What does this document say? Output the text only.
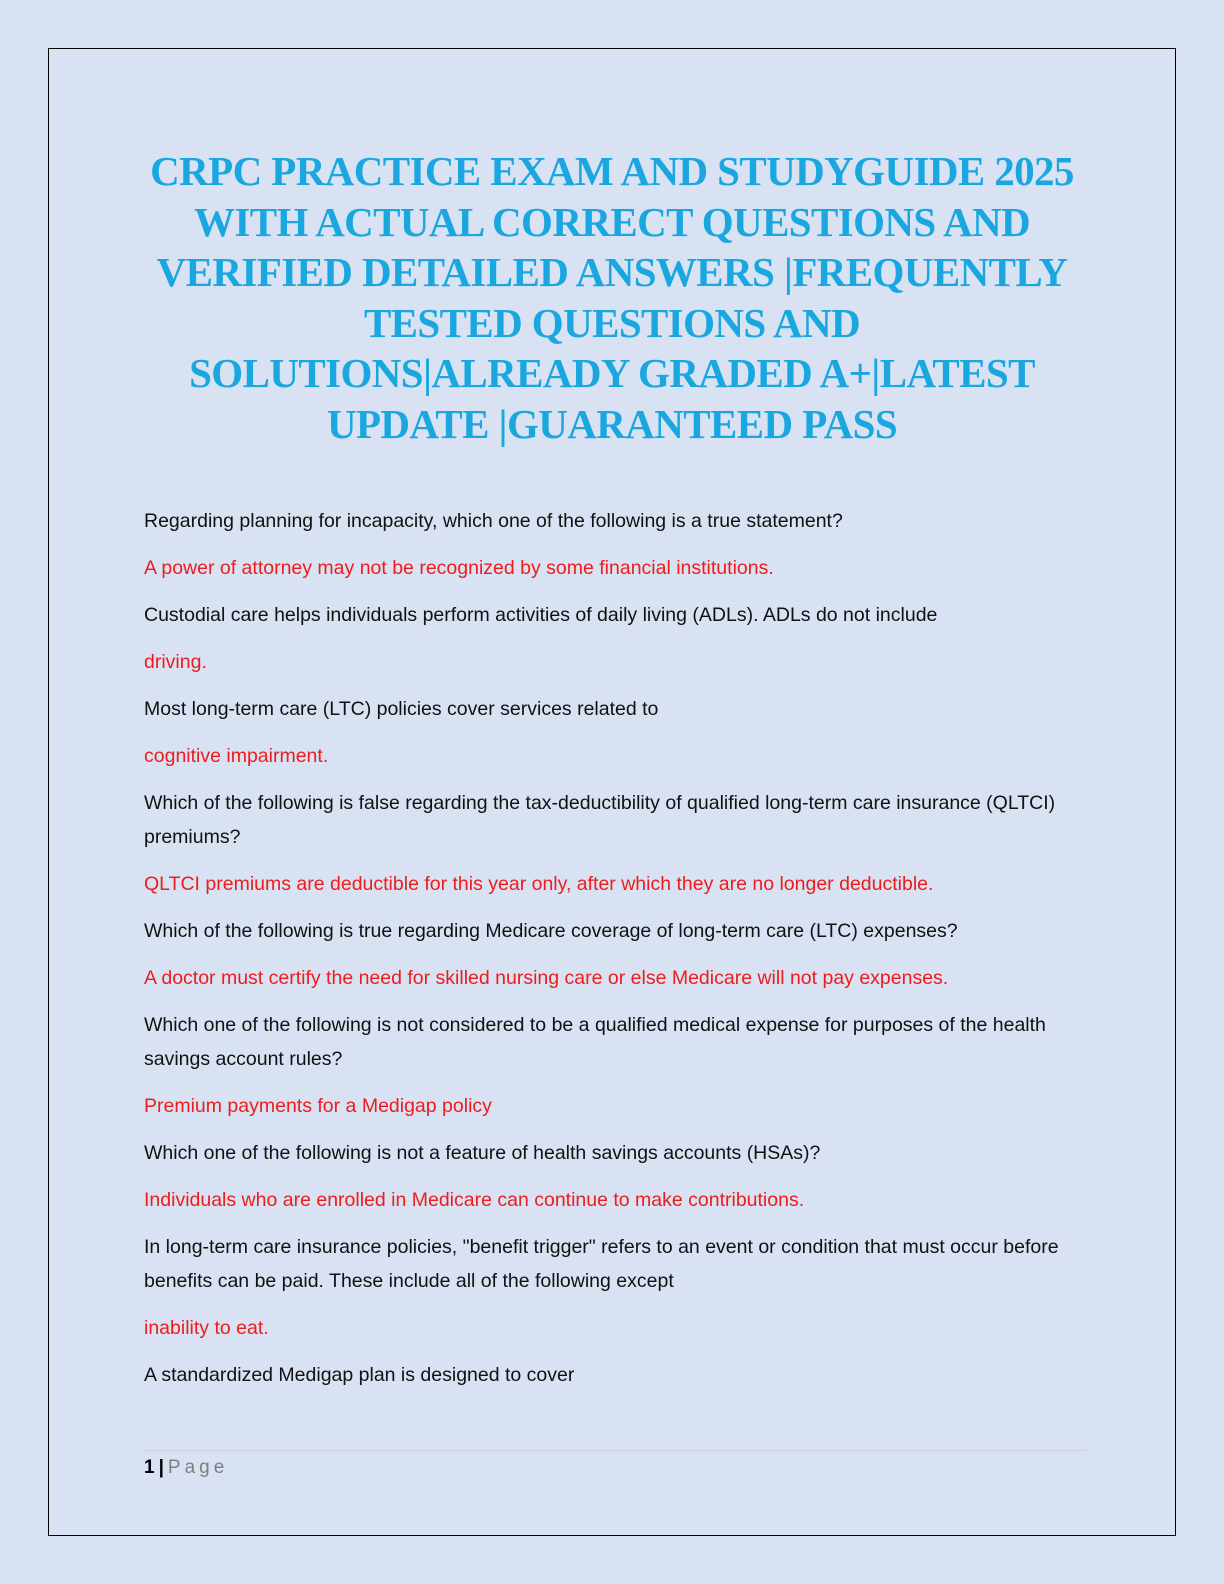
CRPC PRACTICE EXAM AND STUDYGUIDE 2025 WITH ACTUAL CORRECT QUESTIONS AND VERIFIED DETAILED ANSWERS |FREQUENTLY TESTED QUESTIONS AND SOLUTIONS|ALREADY GRADED A+|LATEST UPDATE |GUARANTEED PASS

Regarding planning for incapacity, which one of the following is a true statement?

A power of attorney may not be recognized by some financial institutions.

Custodial care helps individuals perform activities of daily living (ADLs). ADLs do not include

driving.

Most long-term care (LTC) policies cover services related to

cognitive impairment.

Which of the following is false regarding the tax-deductibility of qualified long-term care insurance (QLTCI) premiums?

QLTCI premiums are deductible for this year only, after which they are no longer deductible.

Which of the following is true regarding Medicare coverage of long-term care (LTC) expenses?

A doctor must certify the need for skilled nursing care or else Medicare will not pay expenses.

Which one of the following is not considered to be a qualified medical expense for purposes of the health savings account rules?

Premium payments for a Medigap policy

Which one of the following is not a feature of health savings accounts (HSAs)?

Individuals who are enrolled in Medicare can continue to make contributions.

In long-term care insurance policies, "benefit trigger" refers to an event or condition that must occur before benefits can be paid. These include all of the following except

inability to eat.

A standardized Medigap plan is designed to cover

1 | Page
